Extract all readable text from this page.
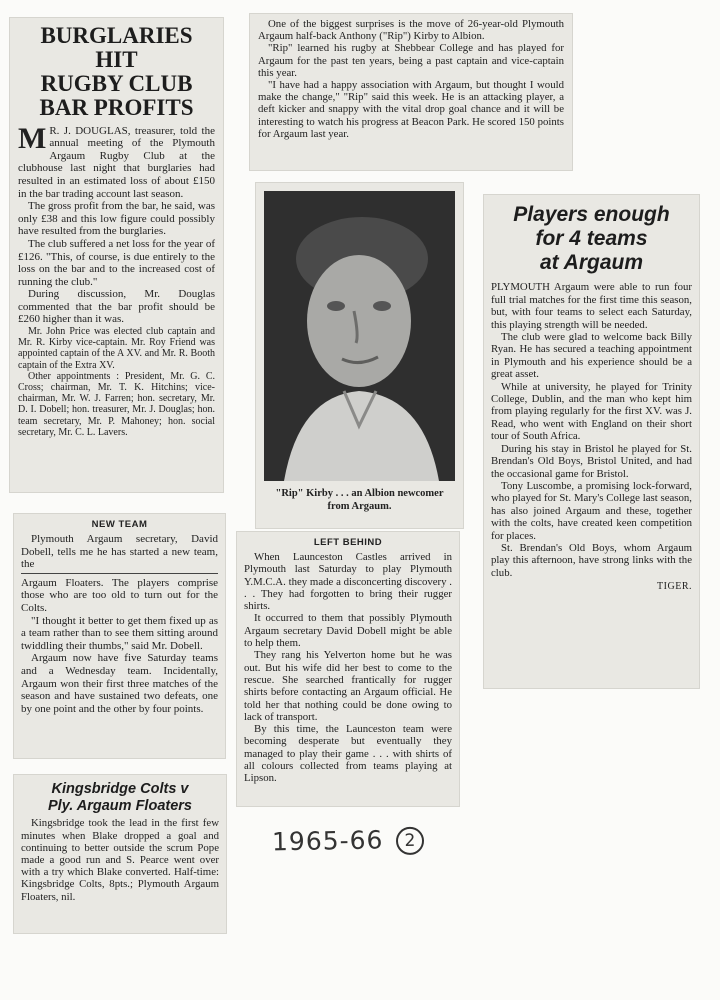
BURGLARIES HIT
RUGBY CLUB
BAR PROFITS

M R. J. DOUGLAS, treasurer, told the annual meeting of the Plymouth Argaum Rugby Club at the clubhouse last night that burglaries had resulted in an estimated loss of about £150 in the bar trading account last season.

The gross profit from the bar, he said, was only £38 and this low figure could possibly have resulted from the burglaries.

The club suffered a net loss for the year of £126. "This, of course, is due entirely to the loss on the bar and to the increased cost of running the club."

During discussion, Mr. Douglas commented that the bar profit should be £260 higher than it was.

Mr. John Price was elected club captain and Mr. R. Kirby vice-captain. Mr. Roy Friend was appointed captain of the A XV. and Mr. R. Booth captain of the Extra XV.

Other appointments : President, Mr. G. C. Cross; chairman, Mr. T. K. Hitchins; vice-chairman, Mr. W. J. Farren; hon. secretary, Mr. D. I. Dobell; hon. treasurer, Mr. J. Douglas; hon. team secretary, Mr. P. Mahoney; hon. social secretary, Mr. C. L. Lavers.

One of the biggest surprises is the move of 26-year-old Plymouth Argaum half-back Anthony ("Rip") Kirby to Albion.

"Rip" learned his rugby at Shebbear College and has played for Argaum for the past ten years, being a past captain and vice-captain this year.

"I have had a happy association with Argaum, but thought I would make the change," "Rip" said this week. He is an attacking player, a deft kicker and snappy with the vital drop goal chance and it will be interesting to watch his progress at Beacon Park. He scored 150 points for Argaum last year.

"Rip" Kirby . . . an Albion newcomer from Argaum.
Players enough
for 4 teams
at Argaum

PLYMOUTH Argaum were able to run four full trial matches for the first time this season, but, with four teams to select each Saturday, this playing strength will be needed.

The club were glad to welcome back Billy Ryan. He has secured a teaching appointment in Plymouth and his experience should be a great asset.

While at university, he played for Trinity College, Dublin, and the man who kept him from playing regularly for the first XV. was J. Read, who went with England on their short tour of South Africa.

During his stay in Bristol he played for St. Brendan's Old Boys, Bristol United, and had the occasional game for Bristol.

Tony Luscombe, a promising lock-forward, who played for St. Mary's College last season, has also joined Argaum and these, together with the colts, have created keen competition for places.

St. Brendan's Old Boys, whom Argaum play this afternoon, have strong links with the club.

TIGER.
NEW TEAM

Plymouth Argaum secretary, David Dobell, tells me he has started a new team, the

Argaum Floaters. The players comprise those who are too old to turn out for the Colts.

"I thought it better to get them fixed up as a team rather than to see them sitting around twiddling their thumbs," said Mr. Dobell.

Argaum now have five Saturday teams and a Wednesday team. Incidentally, Argaum won their first three matches of the season and have sustained two defeats, one by one point and the other by four points.

LEFT BEHIND

When Launceston Castles arrived in Plymouth last Saturday to play Plymouth Y.M.C.A. they made a disconcerting discovery . . . They had forgotten to bring their rugger shirts.

It occurred to them that possibly Plymouth Argaum secretary David Dobell might be able to help them.

They rang his Yelverton home but he was out. But his wife did her best to come to the rescue. She searched frantically for rugger shirts before contacting an Argaum official. He told her that nothing could be done owing to lack of transport.

By this time, the Launceston team were becoming desperate but eventually they managed to play their game . . . with shirts of all colours collected from teams playing at Lipson.

Kingsbridge Colts v
Ply. Argaum Floaters

Kingsbridge took the lead in the first few minutes when Blake dropped a goal and continuing to better outside the scrum Pope made a good run and S. Pearce went over with a try which Blake converted. Half-time: Kingsbridge Colts, 8pts.; Plymouth Argaum Floaters, nil.

1965-66 2
